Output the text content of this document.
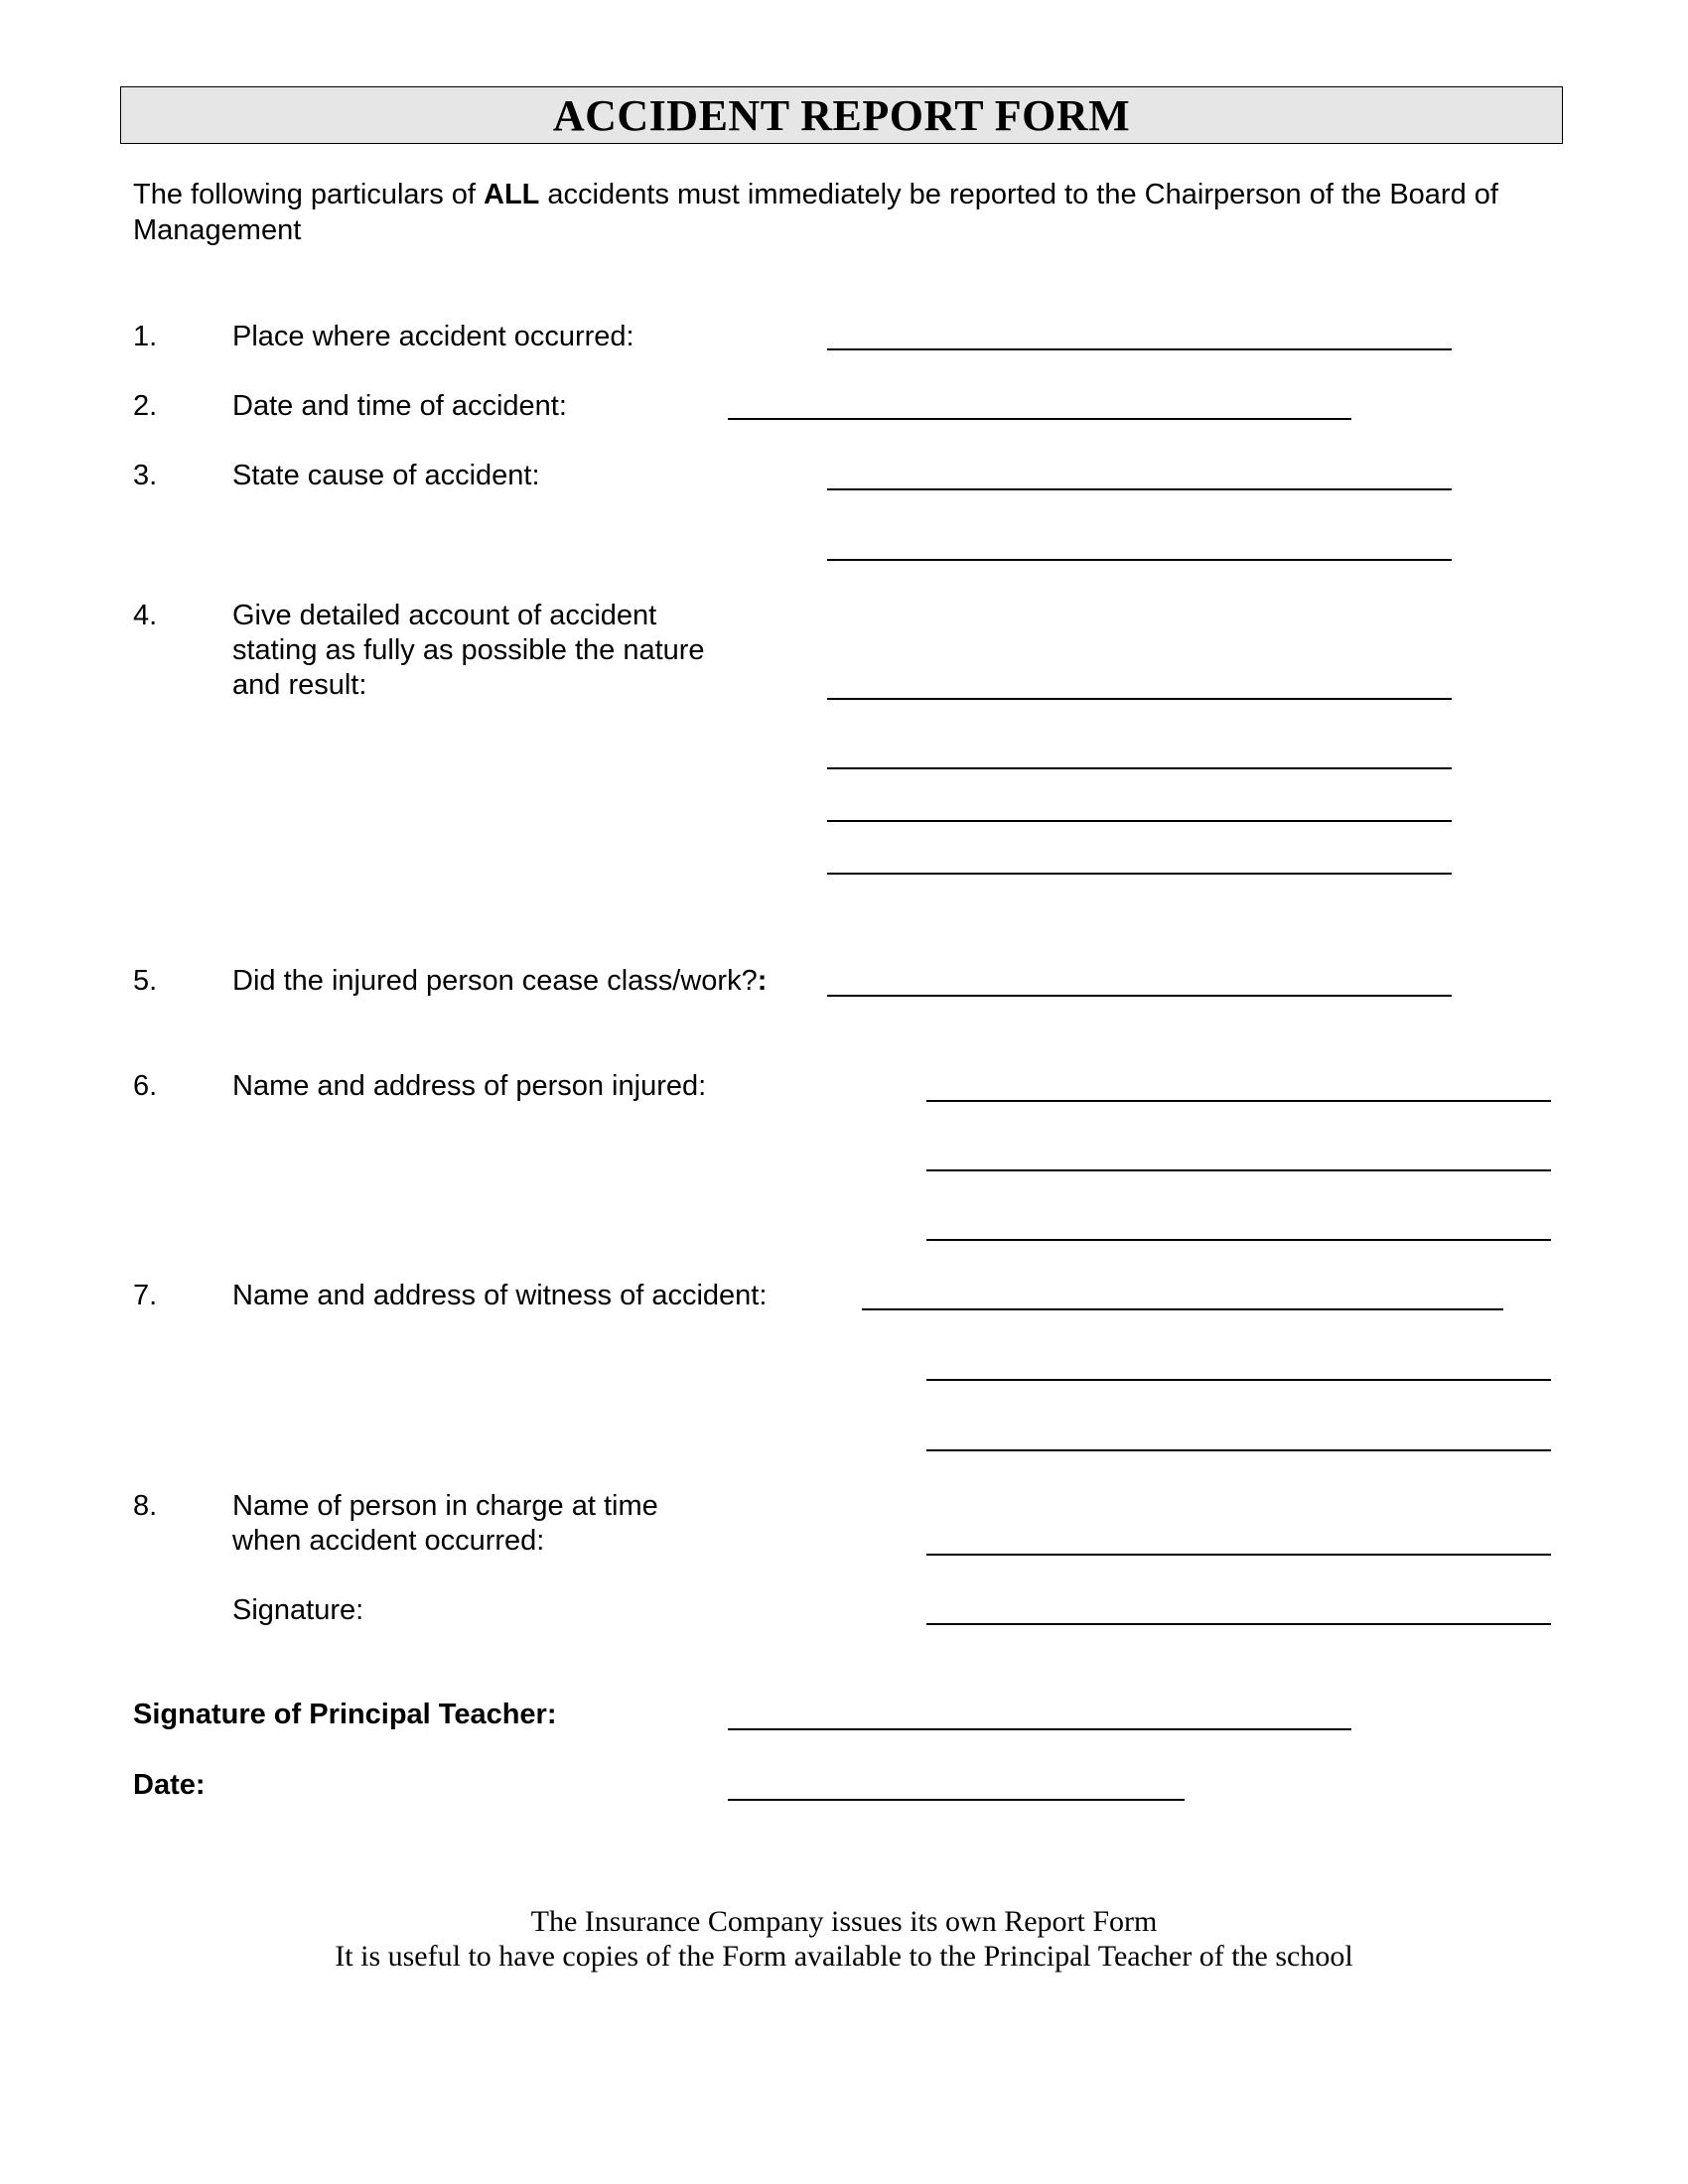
ACCIDENT REPORT FORM

The following particulars of ALL accidents must immediately be reported to the Chairperson of the Board of Management

1.	Place where accident occurred:
2.	Date and time of accident:
3.	State cause of accident:
4.	Give detailed account of accident
stating as fully as possible the nature
and result:
5.	Did the injured person cease class/work?:
6.	Name and address of person injured:
7.	Name and address of witness of accident:
8.	Name of person in charge at time
when accident occurred:
Signature:
Signature of Principal Teacher:
Date:
The Insurance Company issues its own Report Form
It is useful to have copies of the Form available to the Principal Teacher of the school
